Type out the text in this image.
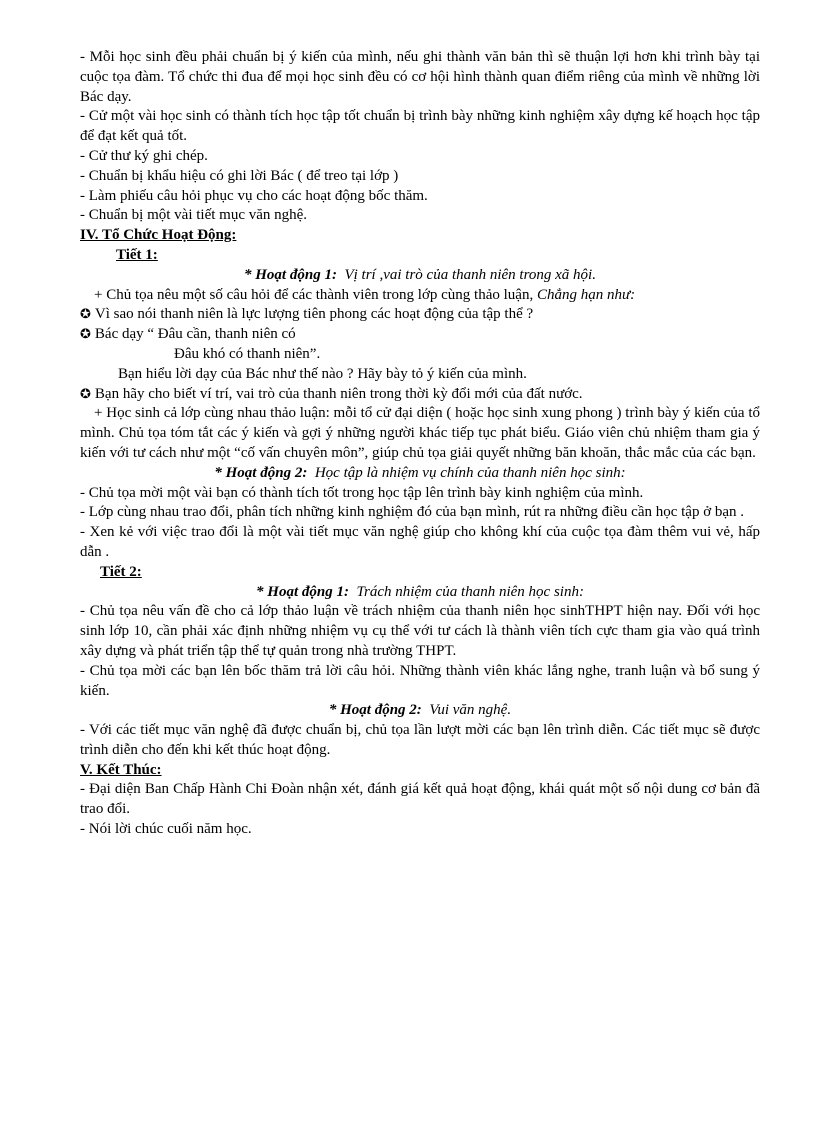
- Mỗi học sinh đều phải chuẩn bị ý kiến của mình, nếu ghi thành văn bản thì sẽ thuận lợi hơn khi trình bày tại cuộc tọa đàm. Tổ chức thi đua để mọi học sinh đều có cơ hội hình thành quan điểm riêng của mình về những lời Bác dạy.

- Cử một vài học sinh có thành tích học tập tốt chuẩn bị trình bày những kinh nghiệm xây dựng kế hoạch học tập để đạt kết quả tốt.

- Cử thư ký ghi chép.

- Chuẩn bị khẩu hiệu có ghi lời Bác ( để treo tại lớp )

- Làm phiếu câu hỏi phục vụ cho các hoạt động bốc thăm.

- Chuẩn bị một vài tiết mục văn nghệ.

IV. Tổ Chức Hoạt Động:

Tiết 1:

* Hoạt động 1: Vị trí ,vai trò của thanh niên trong xã hội.

+ Chủ tọa nêu một số câu hỏi để các thành viên trong lớp cùng thảo luận, Chẳng hạn như:

✪ Vì sao nói thanh niên là lực lượng tiên phong các hoạt động của tập thể ?

✪ Bác dạy “ Đâu cần, thanh niên có

Đâu khó có thanh niên”.

Bạn hiểu lời dạy của Bác như thế nào ? Hãy bày tỏ ý kiến của mình.

✪ Bạn hãy cho biết ví trí, vai trò của thanh niên trong thời kỳ đổi mới của đất nước.

+ Học sinh cả lớp cùng nhau thảo luận: mỗi tổ cử đại diện ( hoặc học sinh xung phong ) trình bày ý kiến của tổ mình. Chủ tọa tóm tắt các ý kiến và gợi ý những người khác tiếp tục phát biểu. Giáo viên chủ nhiệm tham gia ý kiến với tư cách như một “cố vấn chuyên môn”, giúp chủ tọa giải quyết những băn khoăn, thắc mắc của các bạn.

* Hoạt động 2: Học tập là nhiệm vụ chính của thanh niên học sinh:

- Chủ tọa mời một vài bạn có thành tích tốt trong học tập lên trình bày kinh nghiệm của mình.

- Lớp cùng nhau trao đổi, phân tích những kinh nghiệm đó của bạn mình, rút ra những điều cần học tập ở bạn .

- Xen kẻ với việc trao đổi là một vài tiết mục văn nghệ giúp cho không khí của cuộc tọa đàm thêm vui vẻ, hấp dẫn .

Tiết 2:

* Hoạt động 1: Trách nhiệm của thanh niên học sinh:

- Chủ tọa nêu vấn đề cho cả lớp thảo luận về trách nhiệm của thanh niên học sinhTHPT hiện nay. Đối với học sinh lớp 10, cần phải xác định những nhiệm vụ cụ thể với tư cách là thành viên tích cực tham gia vào quá trình xây dựng và phát triển tập thể tự quản trong nhà trường THPT.

- Chủ tọa mời các bạn lên bốc thăm trả lời câu hỏi. Những thành viên khác lắng nghe, tranh luận và bổ sung ý kiến.

* Hoạt động 2: Vui văn nghệ.

- Với các tiết mục văn nghệ đã được chuẩn bị, chủ tọa lần lượt mời các bạn lên trình diễn. Các tiết mục sẽ được trình diễn cho đến khi kết thúc hoạt động.

V. Kết Thúc:

- Đại diện Ban Chấp Hành Chi Đoàn nhận xét, đánh giá kết quả hoạt động, khái quát một số nội dung cơ bản đã trao đổi.

- Nói lời chúc cuối năm học.
